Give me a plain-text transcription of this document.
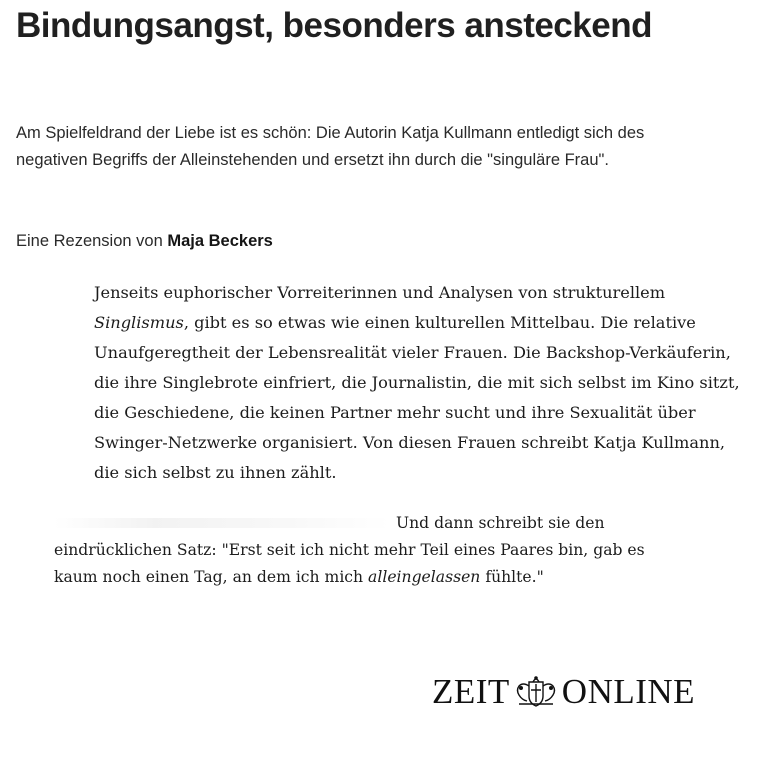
Bindungsangst, besonders ansteckend

Am Spielfeldrand der Liebe ist es schön: Die Autorin Katja Kullmann entledigt sich des negativen Begriffs der Alleinstehenden und ersetzt ihn durch die "singuläre Frau".

Eine Rezension von Maja Beckers

Jenseits euphorischer Vorreiterinnen und Analysen von strukturellem Singlismus, gibt es so etwas wie einen kulturellen Mittelbau. Die relative Unaufgeregtheit der Lebensrealität vieler Frauen. Die Backshop-Verkäuferin, die ihre Singlebrote einfriert, die Journalistin, die mit sich selbst im Kino sitzt, die Geschiedene, die keinen Partner mehr sucht und ihre Sexualität über Swinger-Netzwerke organisiert. Von diesen Frauen schreibt Katja Kullmann, die sich selbst zu ihnen zählt.

Und dann schreibt sie den eindrücklichen Satz: "Erst seit ich nicht mehr Teil eines Paares bin, gab es kaum noch einen Tag, an dem ich mich alleingelassen fühlte."

ZEIT ONLINE
